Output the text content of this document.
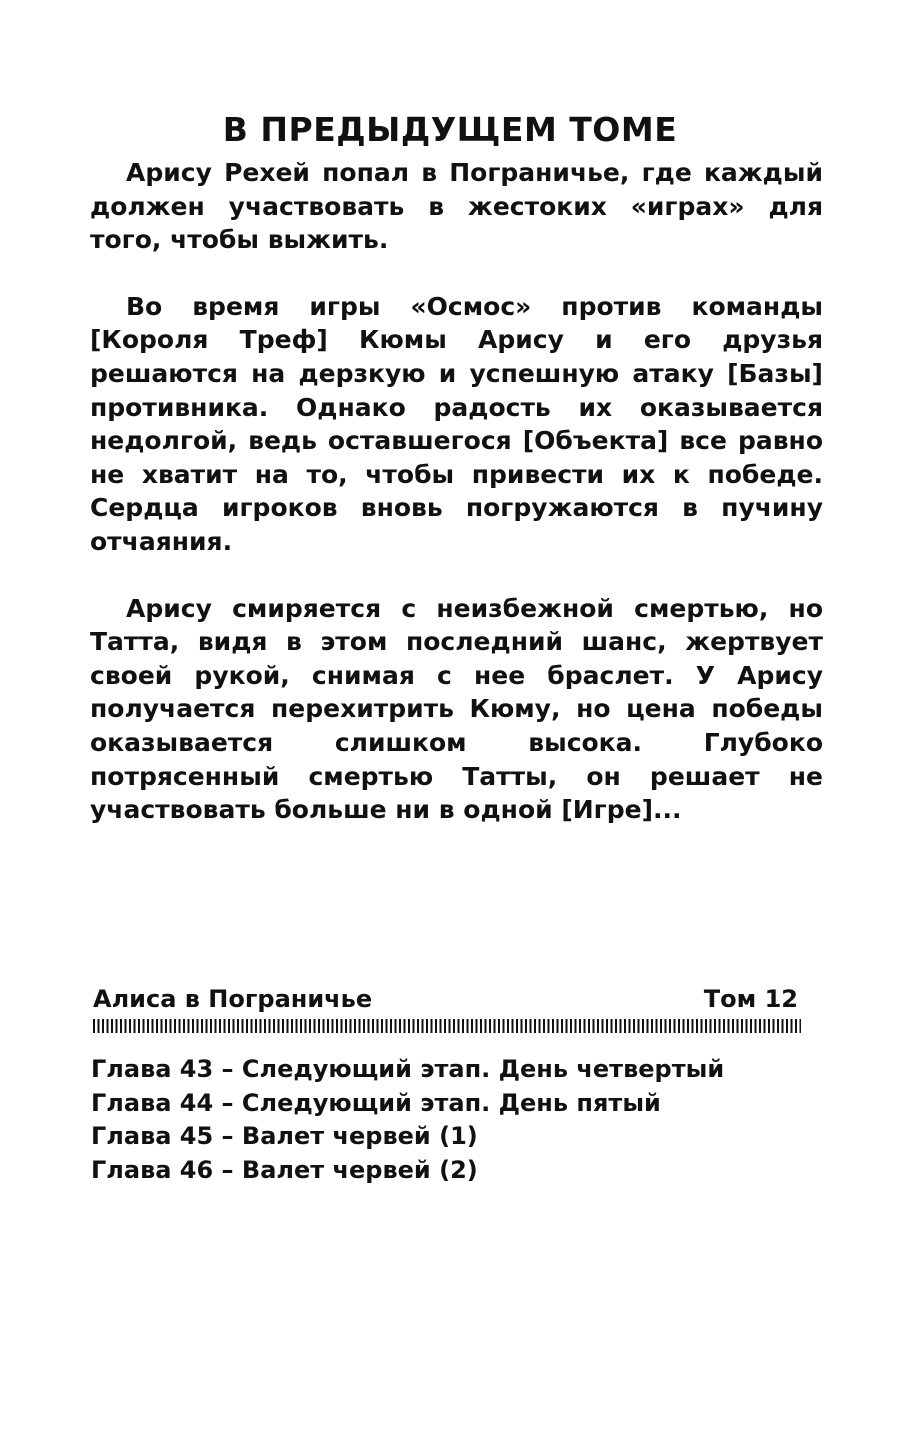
В ПРЕДЫДУЩЕМ ТОМЕ

Арису Рехей попал в Пограничье, где каждый должен участвовать в жестоких «играх» для того, чтобы выжить.

Во время игры «Осмос» против команды [Короля Треф] Кюмы Арису и его друзья решаются на дерзкую и успешную атаку [Базы] противника. Однако радость их оказывается недолгой, ведь оставшегося [Объекта] все равно не хватит на то, чтобы привести их к победе. Сердца игроков вновь погружаются в пучину отчаяния.

Арису смиряется с неизбежной смертью, но Татта, видя в этом последний шанс, жертвует своей рукой, снимая с нее браслет. У Арису получается перехитрить Кюму, но цена победы оказывается слишком высока. Глубоко потрясенный смертью Татты, он решает не участвовать больше ни в одной [Игре]...

Алиса в Пограничье	Том 12
Глава 43 – Следующий этап. День четвертый
Глава 44 – Следующий этап. День пятый
Глава 45 – Валет червей (1)
Глава 46 – Валет червей (2)
